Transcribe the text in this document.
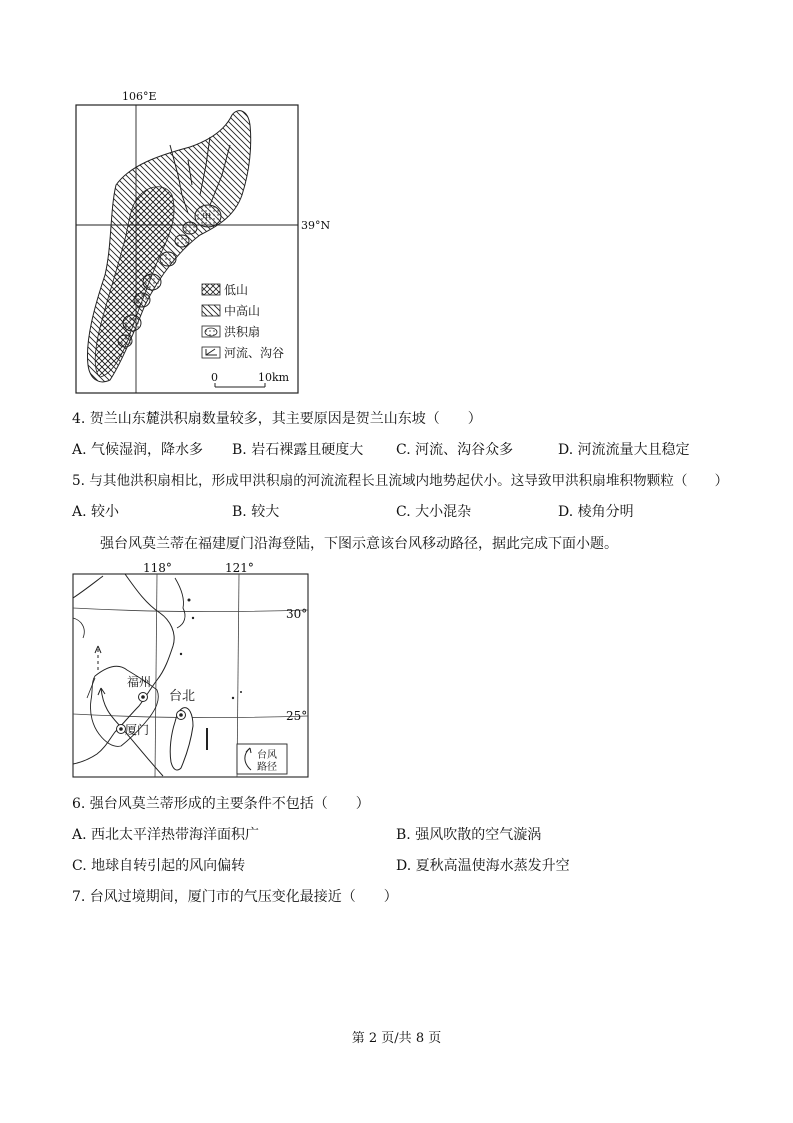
106°E
39°N
甲
低山
中高山
洪积扇
河流、沟谷
0	10km
4. 贺兰山东麓洪积扇数量较多，其主要原因是贺兰山东坡（　　）
A. 气候湿润，降水多 B. 岩石裸露且硬度大 C. 河流、沟谷众多	D. 河流流量大且稳定
5. 与其他洪积扇相比，形成甲洪积扇的河流流程长且流域内地势起伏小。这导致甲洪积扇堆积物颗粒（　　）
A. 较小	B. 较大	C. 大小混杂	D. 棱角分明
强台风莫兰蒂在福建厦门沿海登陆，下图示意该台风移动路径，据此完成下面小题。
118°	121°
30°
25°
福州
台北
厦门
台风
路径
6. 强台风莫兰蒂形成的主要条件不包括（　　）
A. 西北太平洋热带海洋面积广	B. 强风吹散的空气漩涡
C. 地球自转引起的风向偏转	D. 夏秋高温使海水蒸发升空
7. 台风过境期间，厦门市的气压变化最接近（　　）
第 2 页/共 8 页
